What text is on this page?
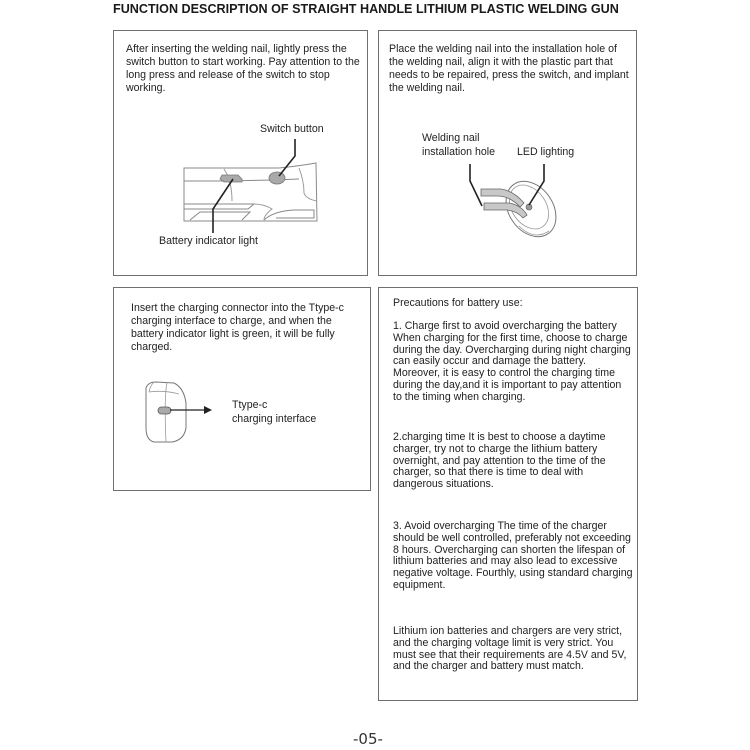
FUNCTION DESCRIPTION OF STRAIGHT HANDLE LITHIUM PLASTIC WELDING GUN
After inserting the welding nail, lightly press the switch button to start working. Pay attention to the long press and release of the switch to stop working.
Switch button
Battery indicator light
Place the welding nail into the installation hole of the welding nail, align it with the plastic part that needs to be repaired, press the switch, and implant the welding nail.
Welding nail
installation hole LED lighting
Insert the charging connector into the Ttype-c charging interface to charge, and when the battery indicator light is green, it will be fully charged.
Ttype-c
charging interface
Precautions for battery use:
1. Charge first to avoid overcharging the battery When charging for the first time, choose to charge during the day. Overcharging during night charging can easily occur and damage the battery. Moreover, it is easy to control the charging time during the day,and it is important to pay attention to the timing when charging.
2.charging time It is best to choose a daytime charger, try not to charge the lithium battery overnight, and pay attention to the time of the charger, so that there is time to deal with dangerous situations.
3. Avoid overcharging The time of the charger should be well controlled, preferably not exceeding 8 hours. Overcharging can shorten the lifespan of lithium batteries and may also lead to excessive negative voltage. Fourthly, using standard charging equipment.
Lithium ion batteries and chargers are very strict, and the charging voltage limit is very strict. You must see that their requirements are 4.5V and 5V, and the charger and battery must match.
-05-
